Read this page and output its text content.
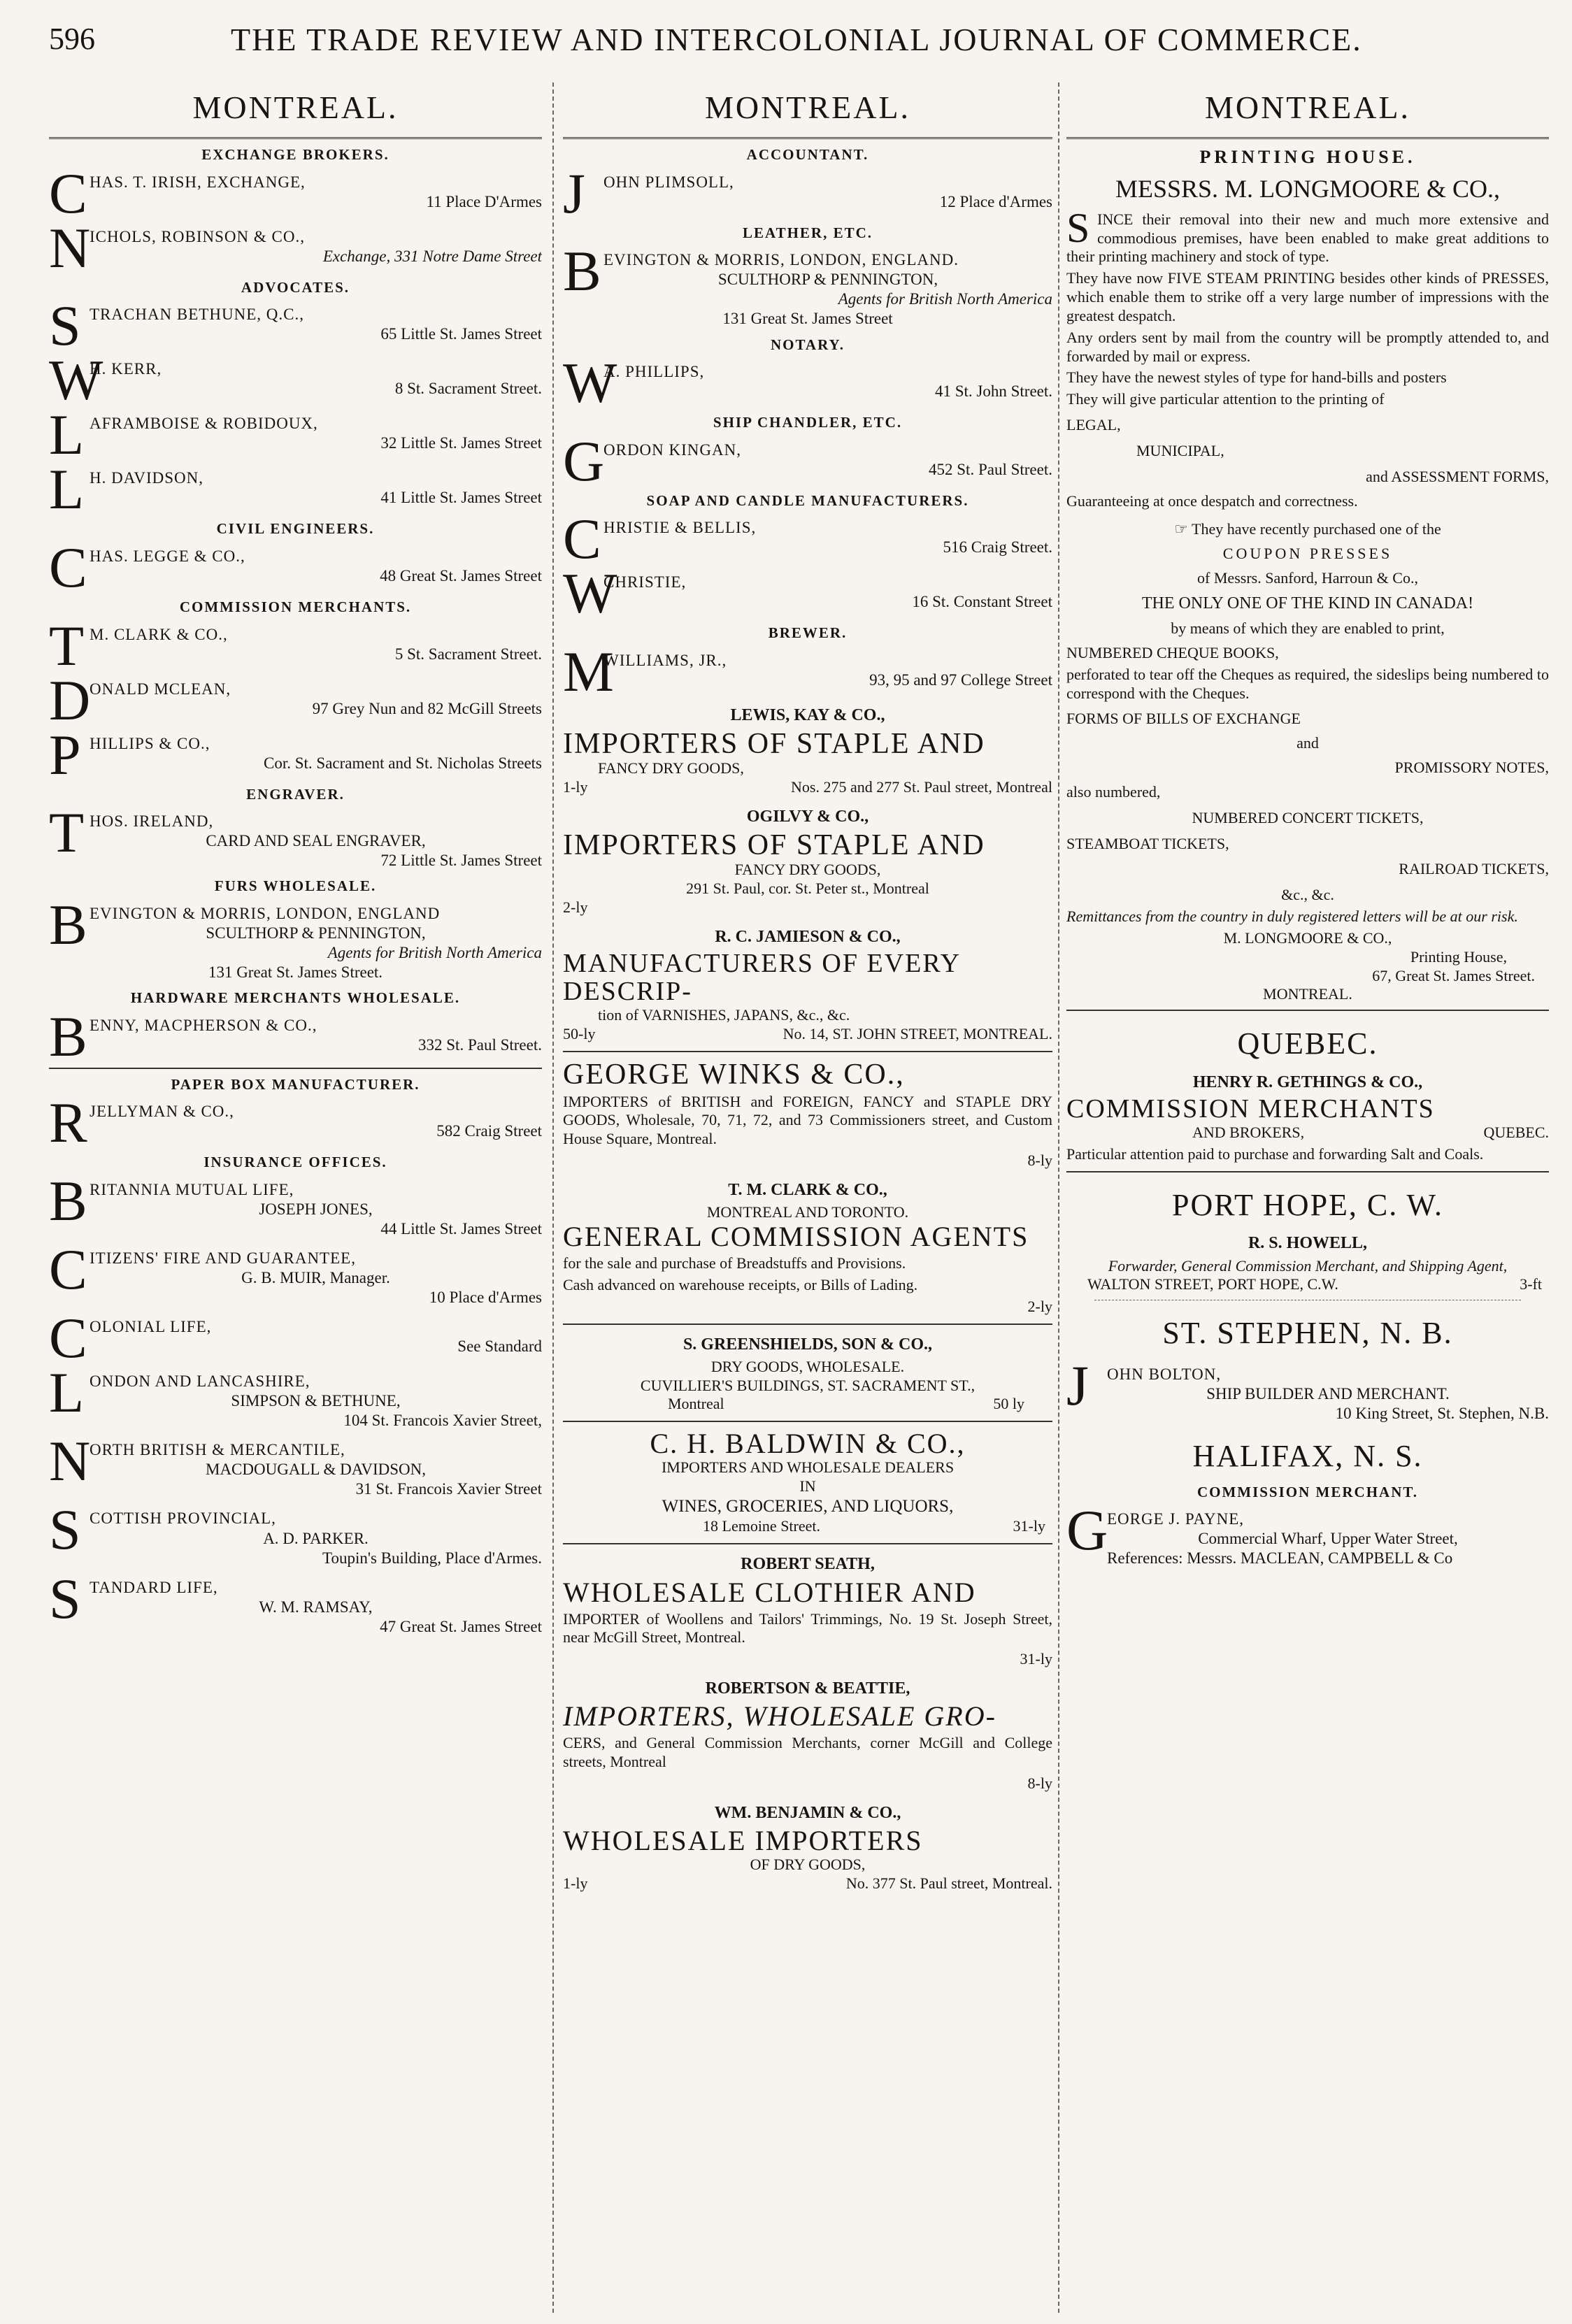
596	THE TRADE REVIEW AND INTERCOLONIAL JOURNAL OF COMMERCE.
MONTREAL.
EXCHANGE BROKERS.
C HAS. T. IRISH, EXCHANGE,
11 Place D'Armes
N
ICHOLS, ROBINSON & CO.,
Exchange, 331 Notre Dame Street
ADVOCATES.
S TRACHAN BETHUNE, Q.C.,
65 Little St. James Street
W
H. KERR,
8 St. Sacrament Street.
L AFRAMBOISE & ROBIDOUX,
32 Little St. James Street
L H. DAVIDSON,
41 Little St. James Street
CIVIL ENGINEERS.
C HAS. LEGGE & CO.,
48 Great St. James Street
COMMISSION MERCHANTS.
T M. CLARK & CO.,
5 St. Sacrament Street.
D
ONALD MCLEAN,
97 Grey Nun and 82 McGill Streets
P HILLIPS & CO.,
Cor. St. Sacrament and St. Nicholas Streets
ENGRAVER.
T HOS. IRELAND,
CARD AND SEAL ENGRAVER,
72 Little St. James Street
FURS WHOLESALE.
B EVINGTON & MORRIS, LONDON, ENGLAND
SCULTHORP & PENNINGTON,
Agents for British North America
131 Great St. James Street.
HARDWARE MERCHANTS WHOLESALE.
B ENNY, MACPHERSON & CO.,
332 St. Paul Street.
PAPER BOX MANUFACTURER.
R JELLYMAN & CO.,
582 Craig Street
INSURANCE OFFICES.
B RITANNIA MUTUAL LIFE,
JOSEPH JONES,
44 Little St. James Street
C ITIZENS' FIRE AND GUARANTEE,
G. B. MUIR, Manager.
10 Place d'Armes
C OLONIAL LIFE,
See Standard
L ONDON AND LANCASHIRE,
SIMPSON & BETHUNE,
104 St. Francois Xavier Street,
N
ORTH BRITISH & MERCANTILE,
MACDOUGALL & DAVIDSON,
31 St. Francois Xavier Street
S COTTISH PROVINCIAL,
A. D. PARKER.
Toupin's Building, Place d'Armes.
S TANDARD LIFE,
W. M. RAMSAY,
47 Great St. James Street
MONTREAL.
ACCOUNTANT.
J	OHN PLIMSOLL,
12 Place d'Armes
LEATHER, ETC.
B EVINGTON & MORRIS, LONDON, ENGLAND.
SCULTHORP & PENNINGTON,
Agents for British North America
131 Great St. James Street
NOTARY.
W
A. PHILLIPS,
41 St. John Street.
SHIP CHANDLER, ETC.
G
ORDON KINGAN,
452 St. Paul Street.
SOAP AND CANDLE MANUFACTURERS.
C HRISTIE & BELLIS,
516 Craig Street.
W
CHRISTIE,
16 St. Constant Street
BREWER.
M
WILLIAMS, JR.,
93, 95 and 97 College Street
LEWIS, KAY & CO.,
IMPORTERS OF STAPLE AND
FANCY DRY GOODS,
1-ly	Nos. 275 and 277 St. Paul street, Montreal
OGILVY & CO.,
IMPORTERS OF STAPLE AND
FANCY DRY GOODS,
291 St. Paul, cor. St. Peter st., Montreal
2-ly
R. C. JAMIESON & CO.,
MANUFACTURERS OF EVERY DESCRIP-
tion of VARNISHES, JAPANS, &c., &c.
50-ly	No. 14, ST. JOHN STREET, MONTREAL.
GEORGE WINKS & CO.,

IMPORTERS of BRITISH and FOREIGN, FANCY and STAPLE DRY GOODS, Wholesale, 70, 71, 72, and 73 Commissioners street, and Custom House Square, Montreal.

8-ly
T. M. CLARK & CO.,
MONTREAL AND TORONTO.
GENERAL COMMISSION AGENTS

for the sale and purchase of Breadstuffs and Provisions.

Cash advanced on warehouse receipts, or Bills of Lading.

2-ly
S. GREENSHIELDS, SON & CO.,
DRY GOODS, WHOLESALE.
CUVILLIER'S BUILDINGS, ST. SACRAMENT ST.,
Montreal	50 ly
C. H. BALDWIN & CO.,
IMPORTERS AND WHOLESALE DEALERS
IN
WINES, GROCERIES, AND LIQUORS,
18 Lemoine Street.	31-ly
ROBERT SEATH,
WHOLESALE CLOTHIER AND

IMPORTER of Woollens and Tailors' Trimmings, No. 19 St. Joseph Street, near McGill Street, Montreal.

31-ly
ROBERTSON & BEATTIE,
IMPORTERS, WHOLESALE GRO-

CERS, and General Commission Merchants, corner McGill and College streets, Montreal

8-ly
WM. BENJAMIN & CO.,
WHOLESALE IMPORTERS
OF DRY GOODS,
1-ly	No. 377 St. Paul street, Montreal.
MONTREAL.
PRINTING HOUSE.
MESSRS. M. LONGMOORE & CO.,
SINCE their removal into their new and much more extensive and commodious premises, have been enabled to make great additions to their printing machinery and stock of type.

They have now FIVE STEAM PRINTING besides other kinds of PRESSES, which enable them to strike off a very large number of impressions with the greatest despatch.

Any orders sent by mail from the country will be promptly attended to, and forwarded by mail or express.

They have the newest styles of type for hand-bills and posters

They will give particular attention to the printing of

LEGAL,
MUNICIPAL,
and ASSESSMENT FORMS,
Guaranteeing at once despatch and correctness.
☞ They have recently purchased one of the
COUPON PRESSES
of Messrs. Sanford, Harroun & Co.,
THE ONLY ONE OF THE KIND IN CANADA!
by means of which they are enabled to print,
NUMBERED CHEQUE BOOKS,

perforated to tear off the Cheques as required, the sideslips being numbered to correspond with the Cheques.

FORMS OF BILLS OF EXCHANGE
and
PROMISSORY NOTES,
also numbered,
NUMBERED CONCERT TICKETS,
STEAMBOAT TICKETS,
RAILROAD TICKETS,
&c., &c.

Remittances from the country in duly registered letters will be at our risk.

M. LONGMOORE & CO.,
Printing House,
67, Great St. James Street.
MONTREAL.
QUEBEC.
HENRY R. GETHINGS & CO.,
COMMISSION MERCHANTS
AND BROKERS,	QUEBEC.

Particular attention paid to purchase and forwarding Salt and Coals.

PORT HOPE, C. W.
R. S. HOWELL,
Forwarder, General Commission Merchant, and Shipping Agent,
WALTON STREET, PORT HOPE, C.W.	3-ft
ST. STEPHEN, N. B.
J	OHN BOLTON,
SHIP BUILDER AND MERCHANT.
10 King Street, St. Stephen, N.B.
HALIFAX, N. S.
COMMISSION MERCHANT.
G
EORGE J. PAYNE,
Commercial Wharf, Upper Water Street,
References: Messrs. MACLEAN, CAMPBELL & Co
